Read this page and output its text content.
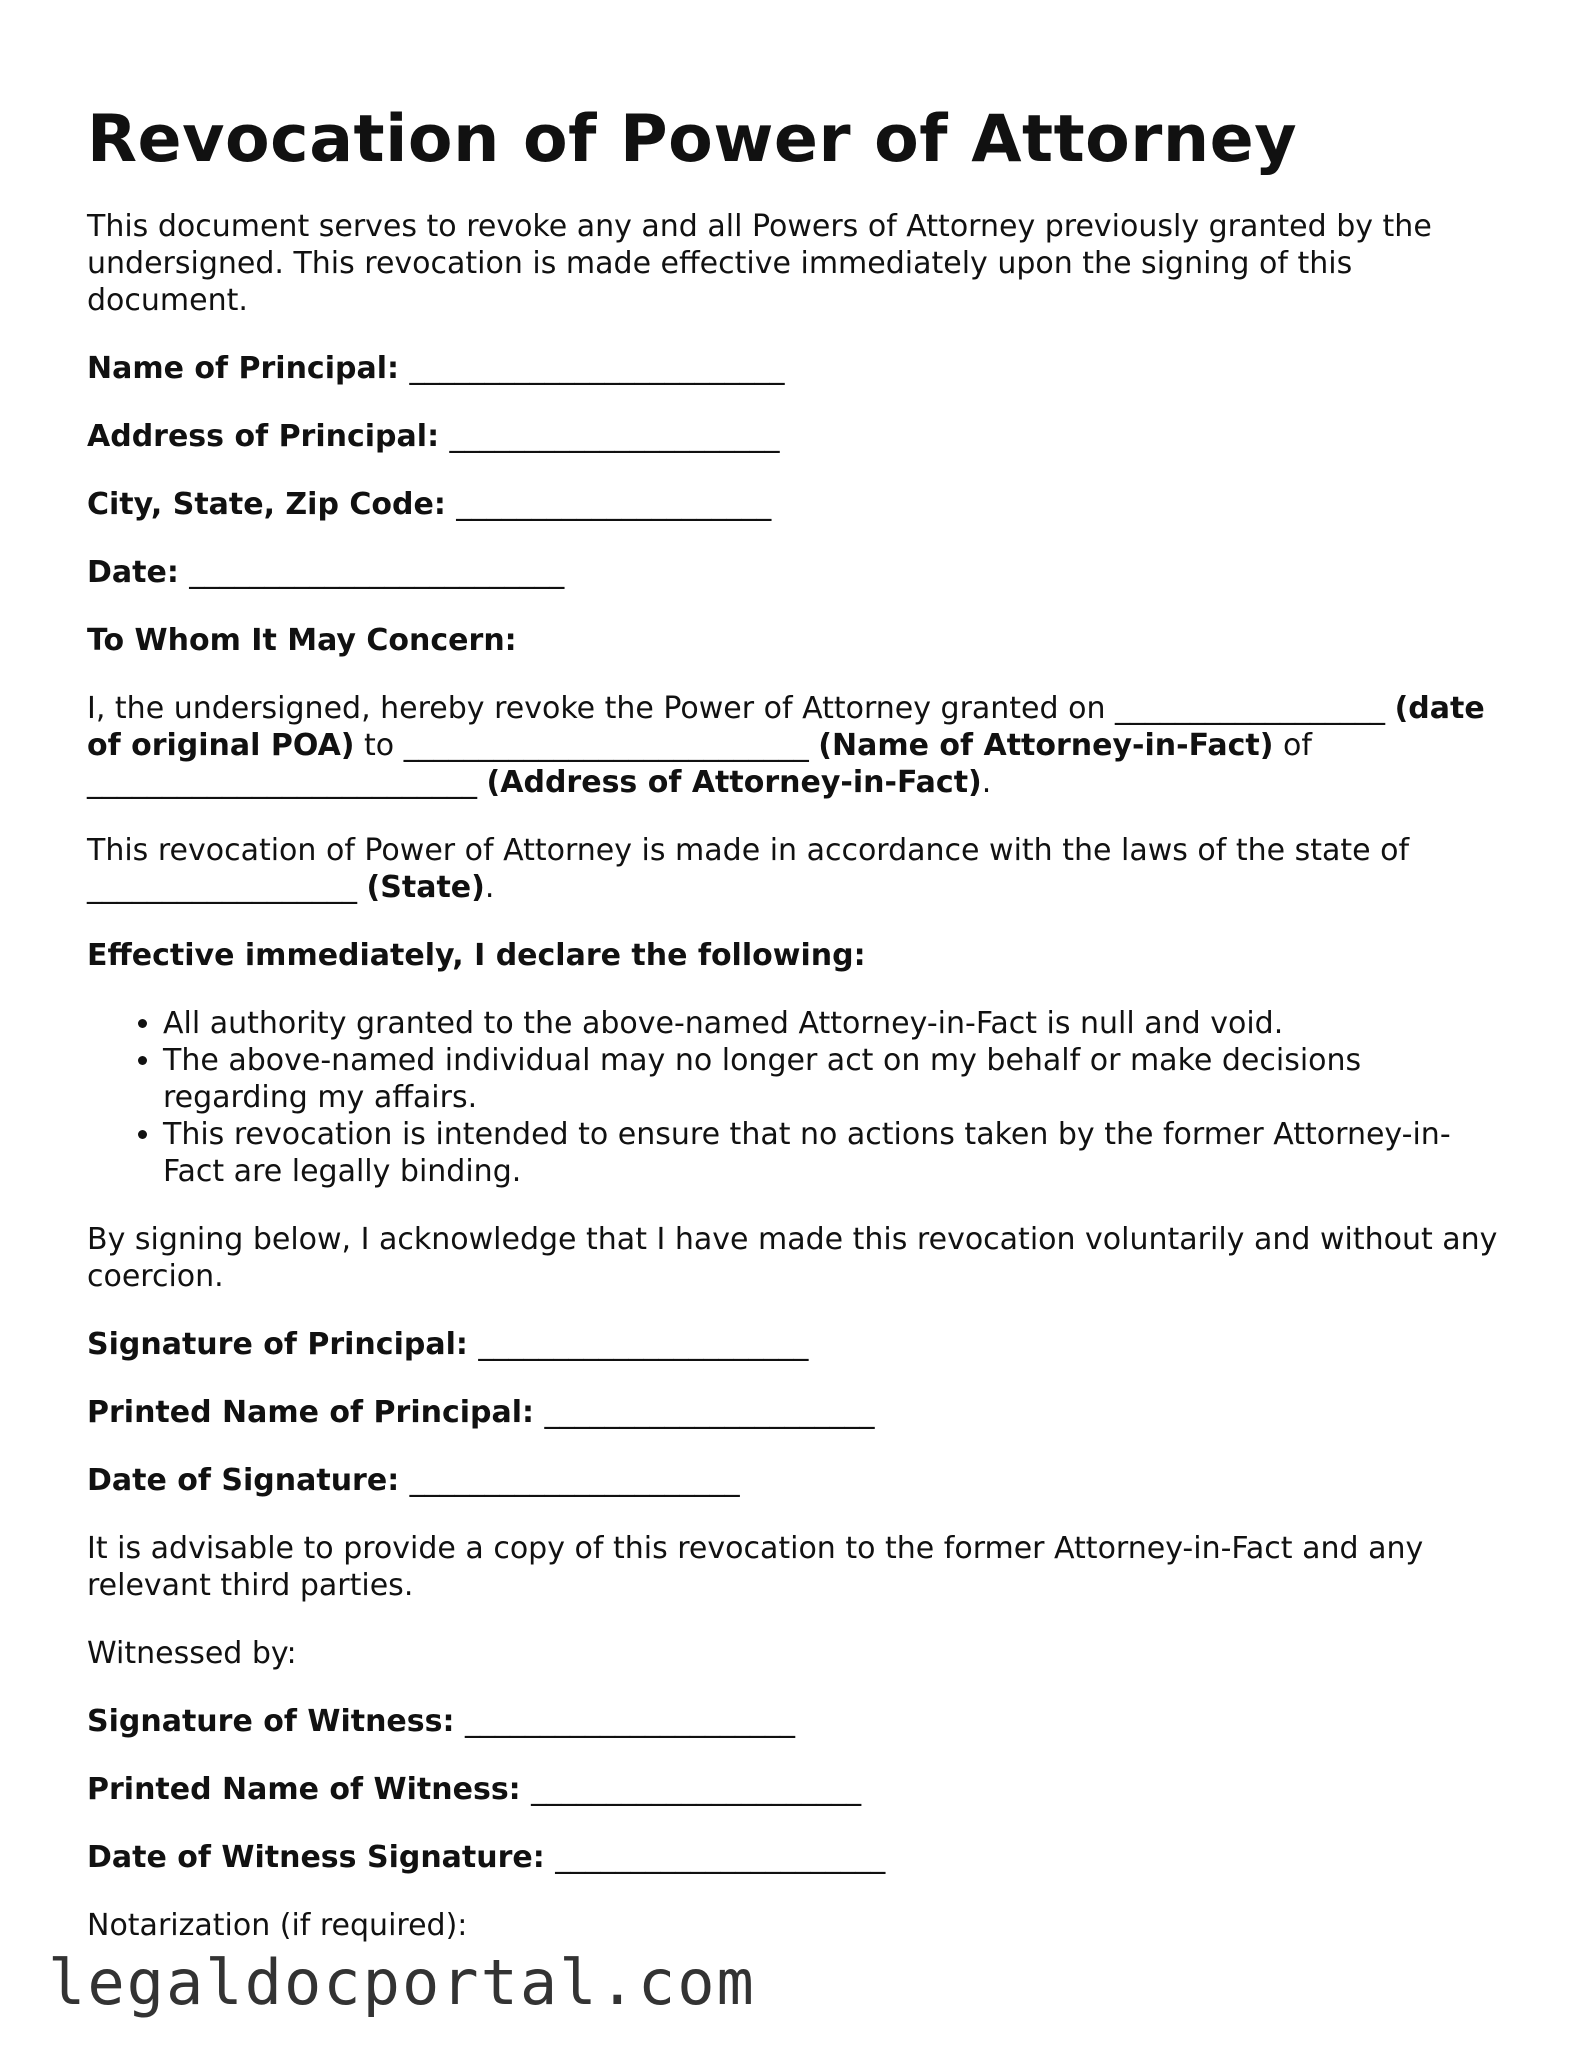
Revocation of Power of Attorney

This document serves to revoke any and all Powers of Attorney previously granted by the undersigned. This revocation is made effective immediately upon the signing of this document.

Name of Principal: _________________________
Address of Principal: ______________________
City, State, Zip Code: _____________________
Date: _________________________

To Whom It May Concern:

I, the undersigned, hereby revoke the Power of Attorney granted on __________________ (date of original POA) to ___________________________ (Name of Attorney-in-Fact) of __________________________ (Address of Attorney-in-Fact).

This revocation of Power of Attorney is made in accordance with the laws of the state of __________________ (State).

Effective immediately, I declare the following:

• All authority granted to the above-named Attorney-in-Fact is null and void.
• The above-named individual may no longer act on my behalf or make decisions regarding my affairs.
• This revocation is intended to ensure that no actions taken by the former Attorney-in-Fact are legally binding.

By signing below, I acknowledge that I have made this revocation voluntarily and without any coercion.

Signature of Principal: ______________________
Printed Name of Principal: ______________________
Date of Signature: ______________________

It is advisable to provide a copy of this revocation to the former Attorney-in-Fact and any relevant third parties.

Witnessed by:

Signature of Witness: ______________________
Printed Name of Witness: ______________________
Date of Witness Signature: ______________________

Notarization (if required):

legaldocportal.com
